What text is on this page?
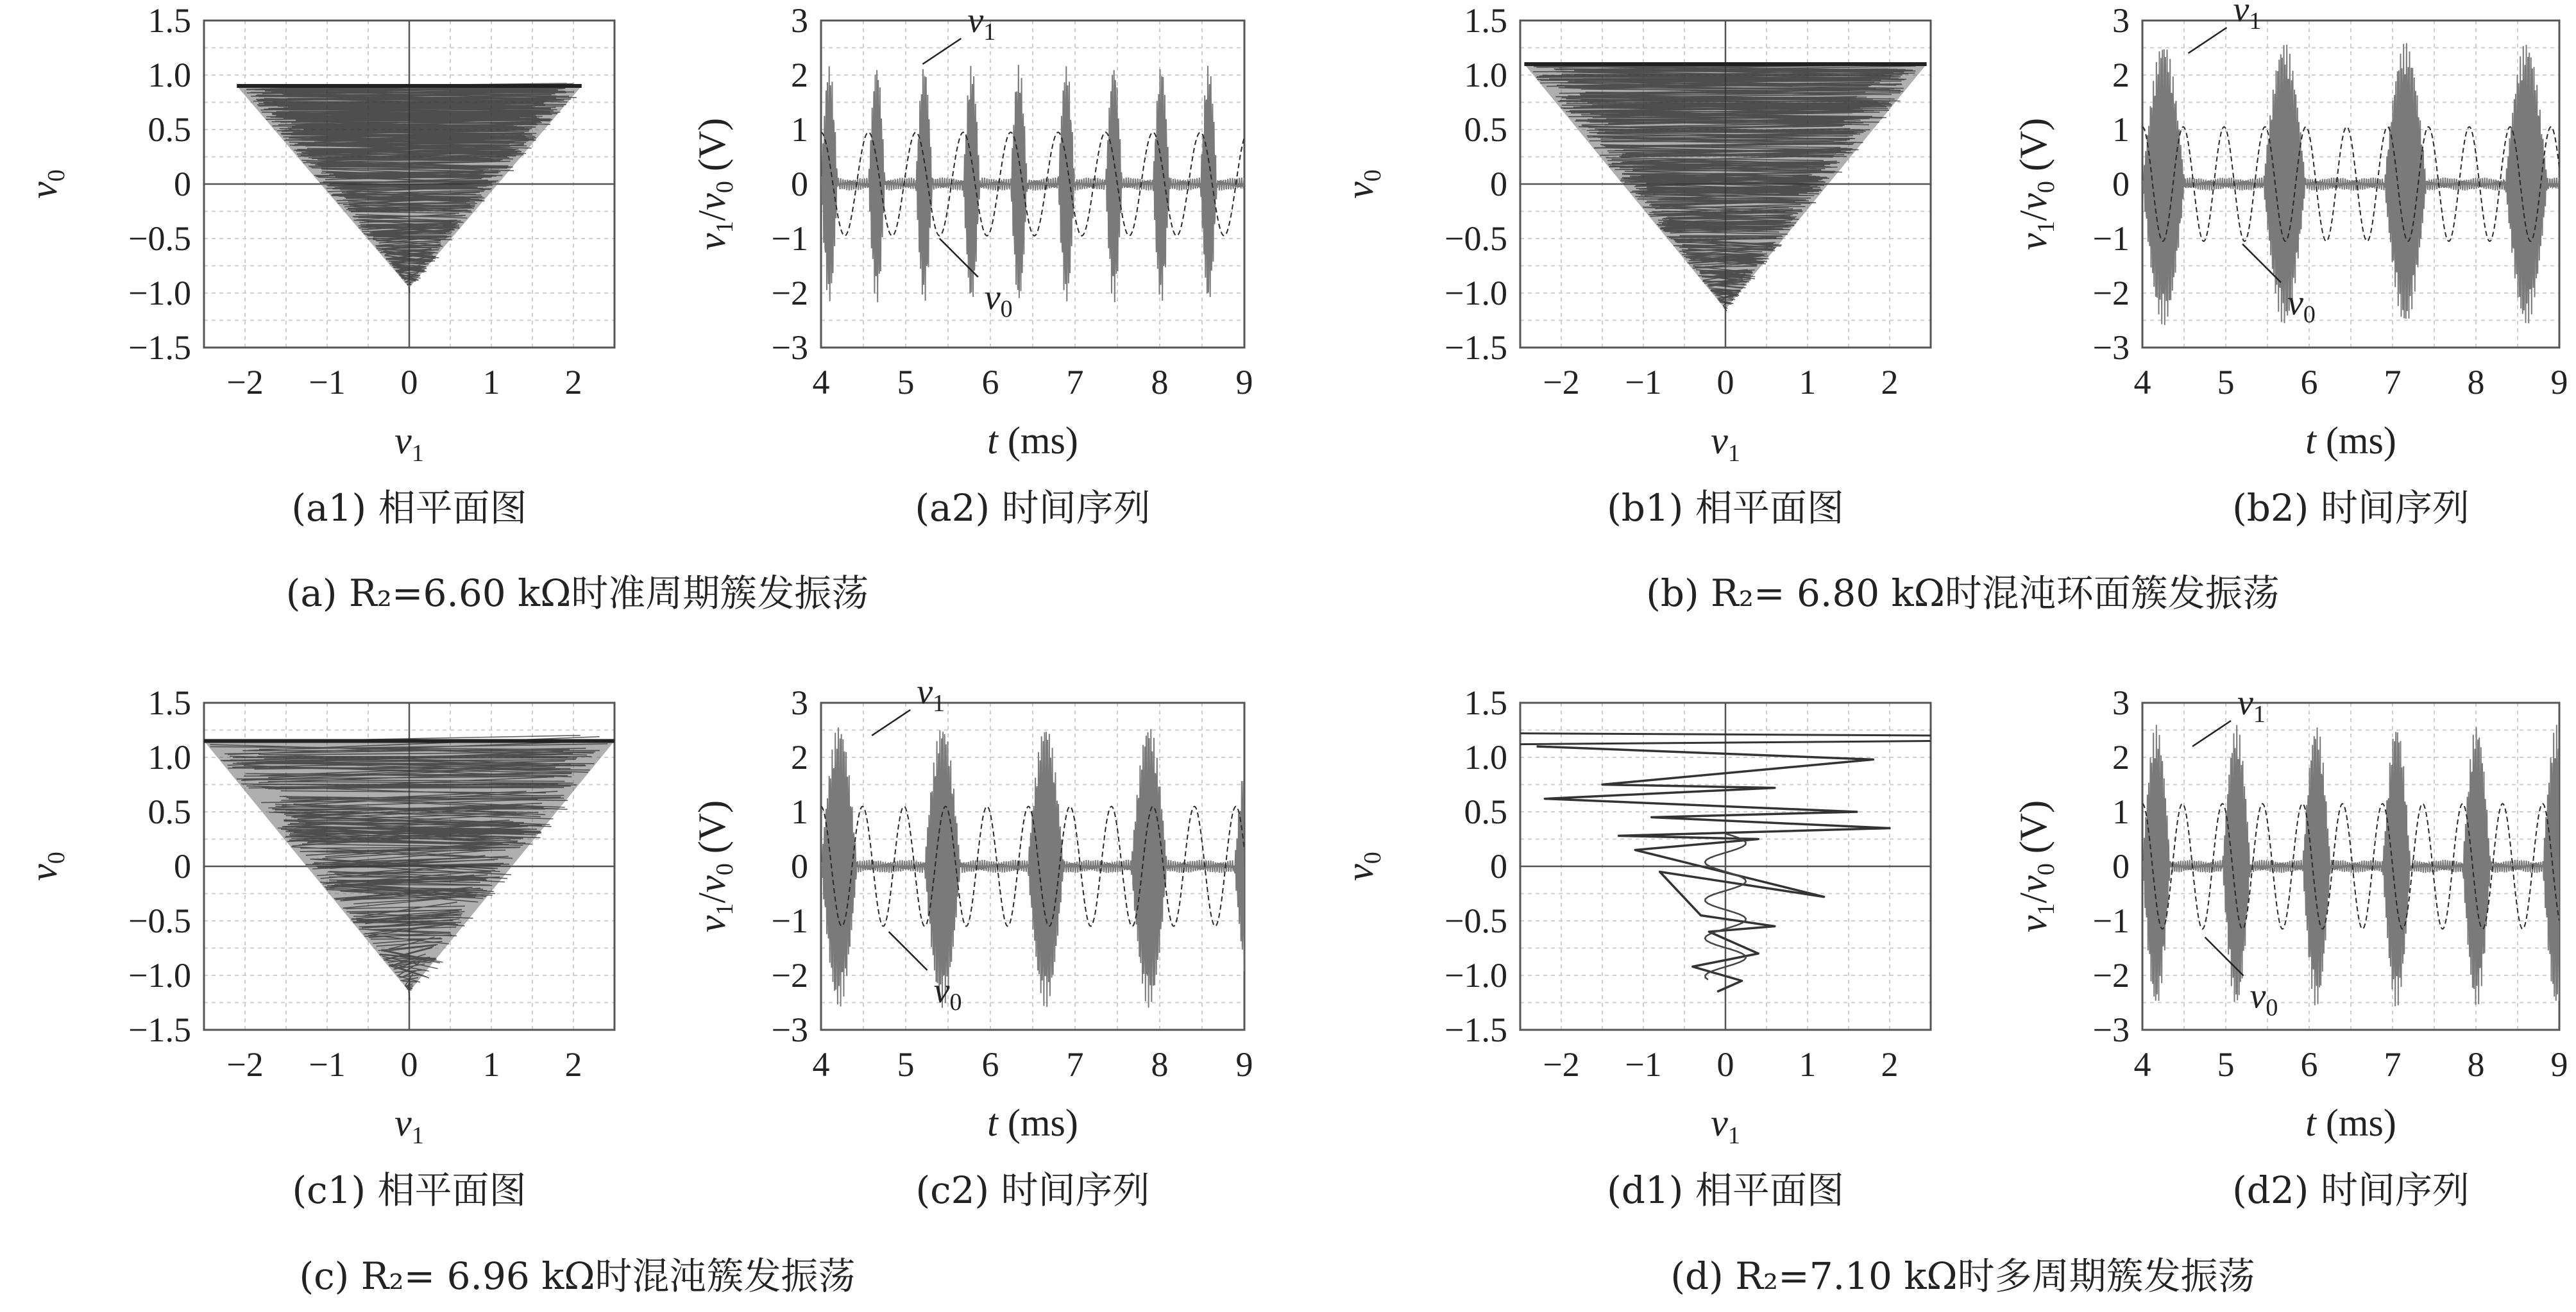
−2 −1 0 1 2
1.5
1.0
0.5
0
−0.5
−1.0
−1.5
$v_1$
$v_0$
(a1) 相平面图
4 5 6 7 8 9
3
2
1
0
−1
−2
−3
t (ms)
$v_1/v_0$ (V)
(a2) 时间序列
$v_1$
$v_0$
−2 −1 0 1 2
1.5
1.0
0.5
0
−0.5
−1.0
−1.5
$v_1$
$v_0$
(b1) 相平面图
4 5 6 7 8 9
3
2
1
0
−1
−2
−3
t (ms)
$v_1/v_0$ (V)
(b2) 时间序列
$v_1$
$v_0$
−2 −1 0 1 2
1.5
1.0
0.5
0
−0.5
−1.0
−1.5
$v_1$
$v_0$
(c1) 相平面图
4 5 6 7 8 9
3
2
1
0
−1
−2
−3
t (ms)
$v_1/v_0$ (V)
(c2) 时间序列
$v_1$
$v_0$
−2 −1 0 1 2
1.5
1.0
0.5
0
−0.5
−1.0
−1.5
$v_1$
$v_0$
(d1) 相平面图
4 5 6 7 8 9
3
2
1
0
−1
−2
−3
t (ms)
$v_1/v_0$ (V)
(d2) 时间序列
$v_1$
$v_0$
(a) R₂=6.60 kΩ时准周期簇发振荡	(b) R₂= 6.80 kΩ时混沌环面簇发振荡
(c) R₂= 6.96 kΩ时混沌簇发振荡	(d) R₂=7.10 kΩ时多周期簇发振荡
